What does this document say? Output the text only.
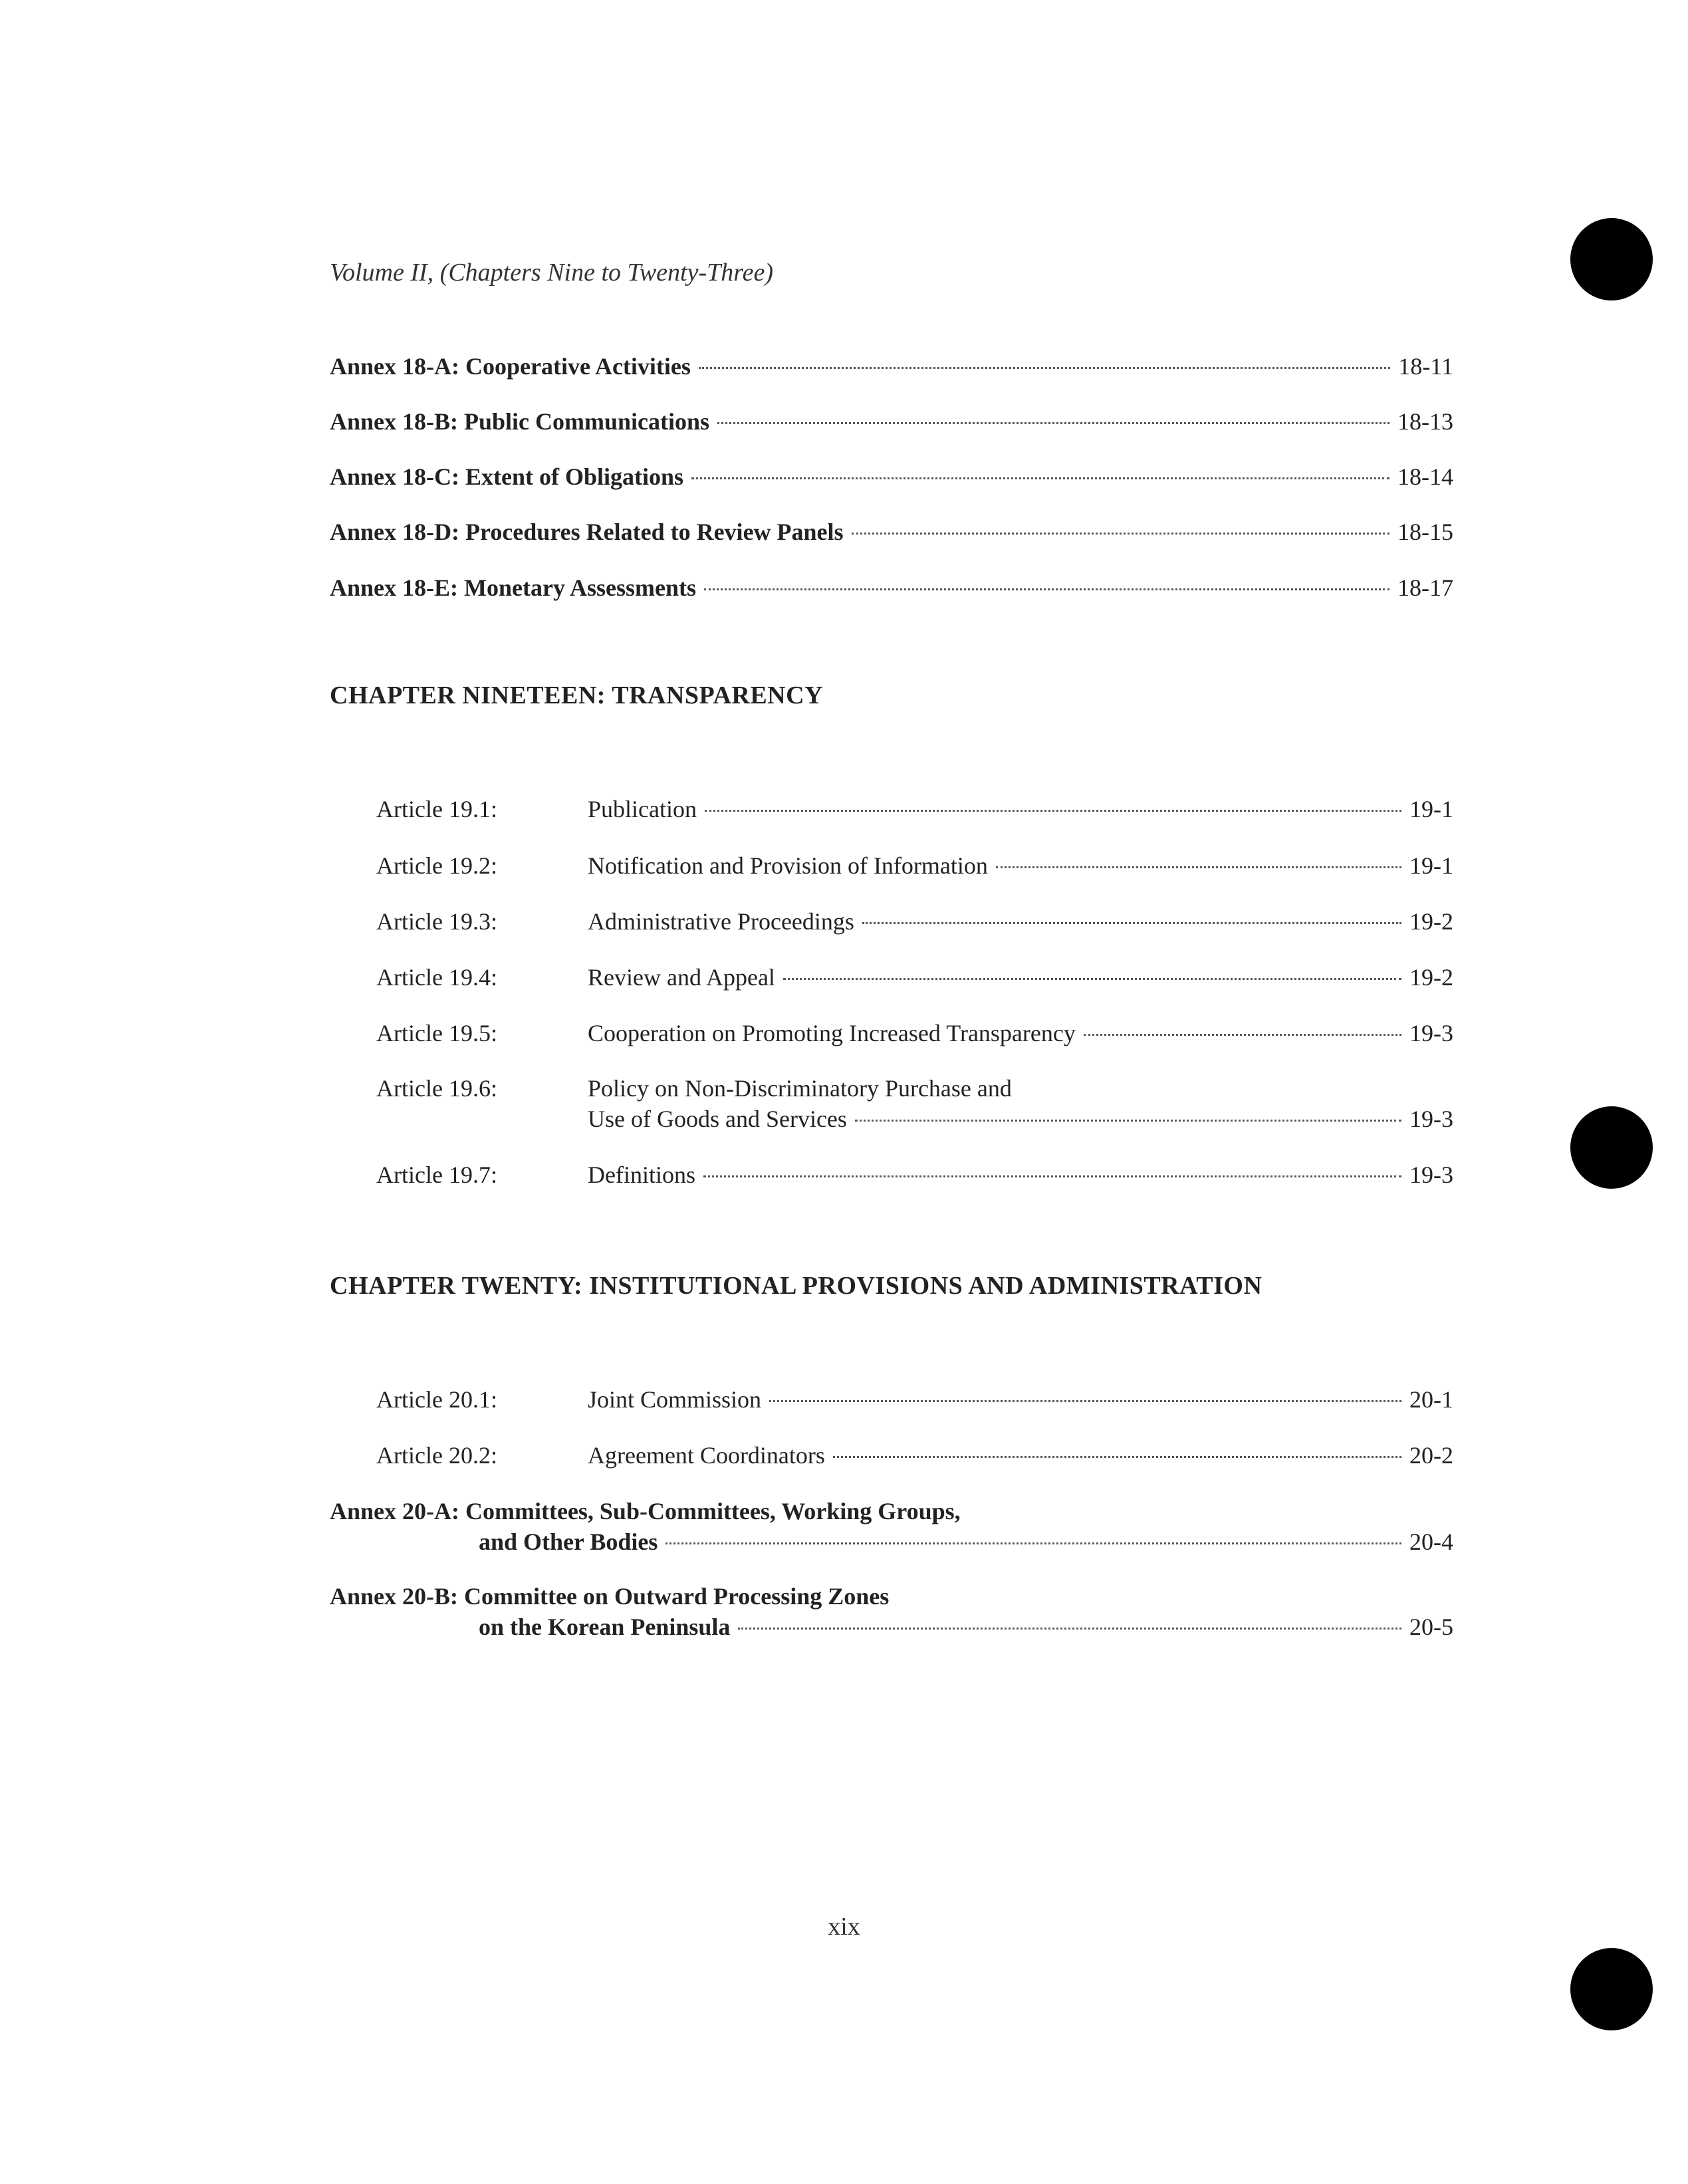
Volume II, (Chapters Nine to Twenty-Three)
Annex 18-A: Cooperative Activities	18-11
Annex 18-B: Public Communications	18-13
Annex 18-C: Extent of Obligations	18-14
Annex 18-D: Procedures Related to Review Panels	18-15
Annex 18-E: Monetary Assessments	18-17
CHAPTER NINETEEN: TRANSPARENCY
Article 19.1:	Publication	19-1
Article 19.2:	Notification and Provision of Information	19-1
Article 19.3:	Administrative Proceedings	19-2
Article 19.4:	Review and Appeal	19-2
Article 19.5:	Cooperation on Promoting Increased Transparency	19-3
Article 19.6:	Policy on Non-Discriminatory Purchase and
Use of Goods and Services	19-3
Article 19.7:	Definitions	19-3
CHAPTER TWENTY: INSTITUTIONAL PROVISIONS AND ADMINISTRATION
Article 20.1:	Joint Commission	20-1
Article 20.2:	Agreement Coordinators	20-2
Annex 20-A: Committees, Sub-Committees, Working Groups,
and Other Bodies	20-4
Annex 20-B: Committee on Outward Processing Zones
on the Korean Peninsula	20-5
xix
